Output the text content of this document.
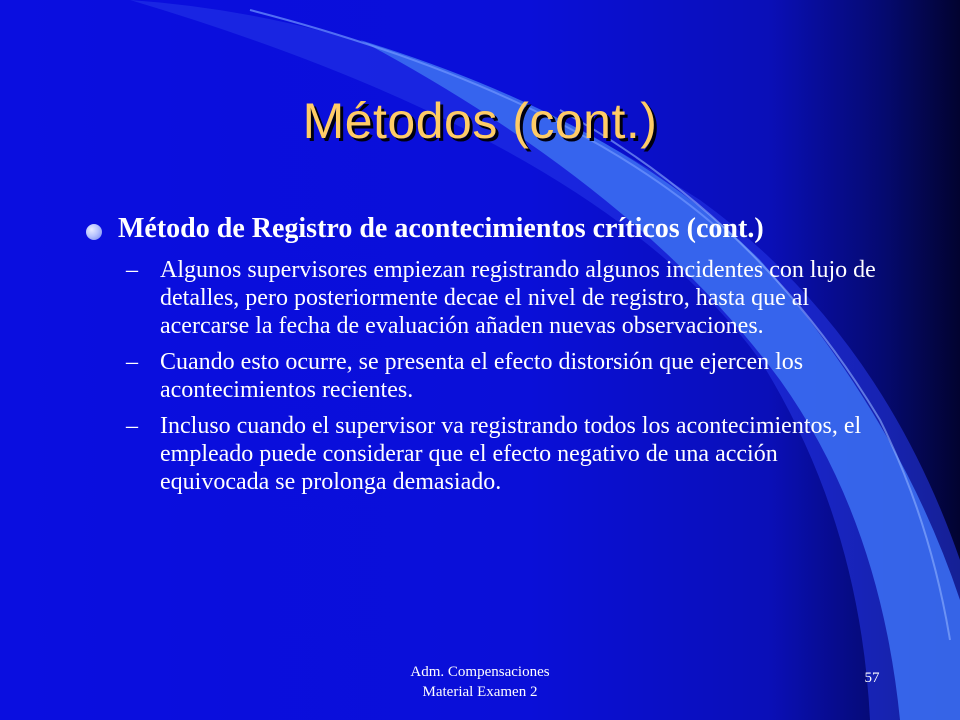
Métodos (cont.)
Método de Registro de acontecimientos críticos (cont.)
– Algunos supervisores empiezan registrando algunos incidentes con lujo de detalles, pero posteriormente decae el nivel de registro, hasta que al acercarse la fecha de evaluación añaden nuevas observaciones.
– Cuando esto ocurre, se presenta el efecto distorsión que ejercen los acontecimientos recientes.
– Incluso cuando el supervisor va registrando todos los acontecimientos, el empleado puede considerar que el efecto negativo de una acción equivocada se prolonga demasiado.
Adm. Compensaciones
Material Examen 2
57
